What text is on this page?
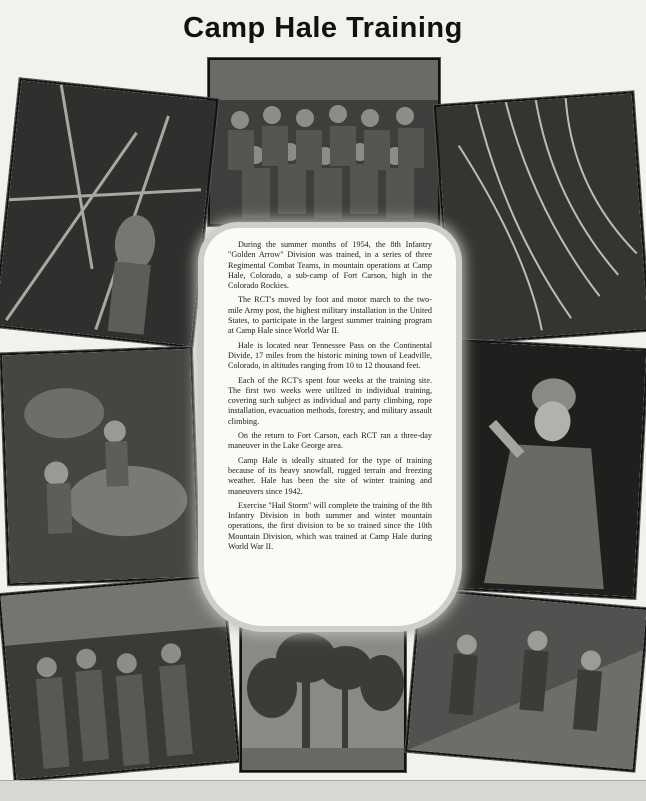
Camp Hale Training

During the summer months of 1954, the 8th Infantry "Golden Arrow" Division was trained, in a series of three Regimental Combat Teams, in mountain operations at Camp Hale, Colorado, a sub-camp of Fort Carson, high in the Colorado Rockies.

The RCT's moved by foot and motor march to the two-mile Army post, the highest military installation in the United States, to participate in the largest summer training program at Camp Hale since World War II.

Hale is located near Tennessee Pass on the Continental Divide, 17 miles from the historic mining town of Leadville, Colorado, in altitudes ranging from 10 to 12 thousand feet.

Each of the RCT's spent four weeks at the training site. The first two weeks were utilized in individual training, covering such subject as individual and party climbing, rope installation, evacuation methods, forestry, and military assault climbing.

On the return to Fort Carson, each RCT ran a three-day maneuver in the Lake George area.

Camp Hale is ideally situated for the type of training because of its heavy snowfall, rugged terrain and freezing weather. Hale has been the site of winter training and maneuvers since 1942.

Exercise "Hail Storm" will complete the training of the 8th Infantry Division in both summer and winter mountain operations, the first division to be so trained since the 10th Mountain Division, which was trained at Camp Hale during World War II.
